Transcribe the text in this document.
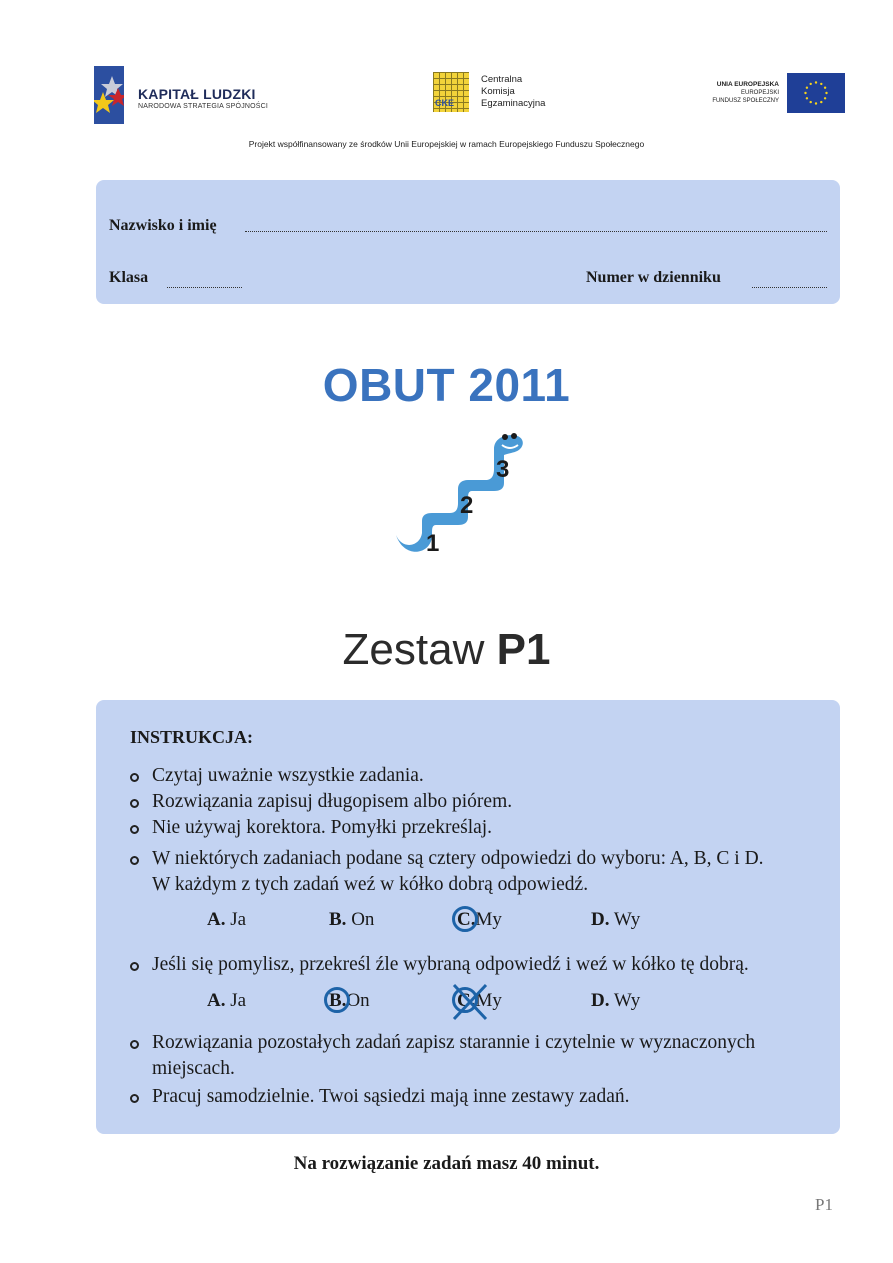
KAPITAŁ LUDZKI
NARODOWA STRATEGIA SPÓJNOŚCI	CKE
Centralna
Komisja
Egzaminacyjna
UNIA EUROPEJSKA
EUROPEJSKI
FUNDUSZ SPOŁECZNY
Projekt współfinansowany ze środków Unii Europejskiej w ramach Europejskiego Funduszu Społecznego
Nazwisko i imię
Klasa	Numer w dzienniku
OBUT 2011
3
2
1
Zestaw P1
INSTRUKCJA:
Czytaj uważnie wszystkie zadania.
Rozwiązania zapisuj długopisem albo piórem.
Nie używaj korektora. Pomyłki przekreślaj.
W niektórych zadaniach podane są cztery odpowiedzi do wyboru: A, B, C i D.
W każdym z tych zadań weź w kółko dobrą odpowiedź.
A. Ja	B. On	C.My	D. Wy
Jeśli się pomylisz, przekreśl źle wybraną odpowiedź i weź w kółko tę dobrą.
A. Ja	B.On	C.My	D. Wy
Rozwiązania pozostałych zadań zapisz starannie i czytelnie w wyznaczonych
miejscach.
Pracuj samodzielnie. Twoi sąsiedzi mają inne zestawy zadań.
Na rozwiązanie zadań masz 40 minut.
P1
